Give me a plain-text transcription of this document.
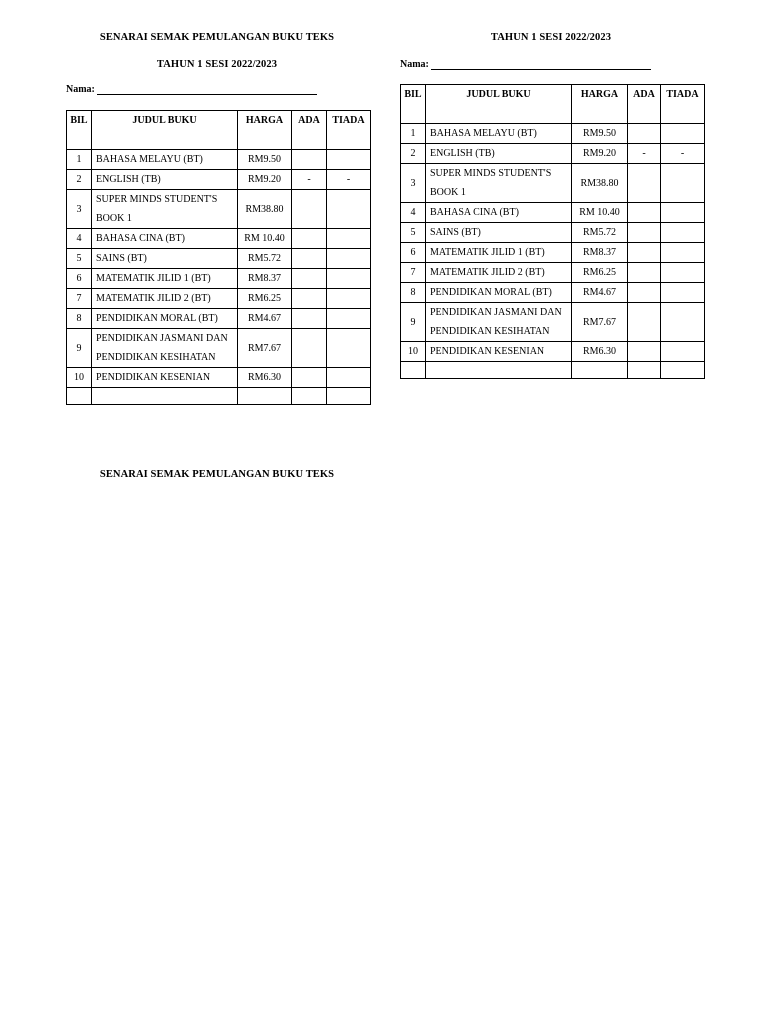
SENARAI SEMAK PEMULANGAN BUKU TEKS
TAHUN 1 SESI 2022/2023
Nama:
BIL	JUDUL BUKU	HARGA	ADA	TIADA
1	BAHASA MELAYU (BT)	RM9.50		
2	ENGLISH (TB)	RM9.20	-	-
3	SUPER MINDS STUDENT'S BOOK 1	RM38.80		
4	BAHASA CINA (BT)	RM 10.40		
5	SAINS (BT)	RM5.72		
6	MATEMATIK JILID 1 (BT)	RM8.37		
7	MATEMATIK JILID 2 (BT)	RM6.25		
8	PENDIDIKAN MORAL (BT)	RM4.67		
9	PENDIDIKAN JASMANI DAN PENDIDIKAN KESIHATAN	RM7.67		
10	PENDIDIKAN KESENIAN	RM6.30		

TAHUN 1 SESI 2022/2023
Nama:
BIL	JUDUL BUKU	HARGA	ADA	TIADA
1	BAHASA MELAYU (BT)	RM9.50		
2	ENGLISH (TB)	RM9.20	-	-
3	SUPER MINDS STUDENT'S BOOK 1	RM38.80		
4	BAHASA CINA (BT)	RM 10.40		
5	SAINS (BT)	RM5.72		
6	MATEMATIK JILID 1 (BT)	RM8.37		
7	MATEMATIK JILID 2 (BT)	RM6.25		
8	PENDIDIKAN MORAL (BT)	RM4.67		
9	PENDIDIKAN JASMANI DAN PENDIDIKAN KESIHATAN	RM7.67		
10	PENDIDIKAN KESENIAN	RM6.30		

SENARAI SEMAK PEMULANGAN BUKU TEKS
